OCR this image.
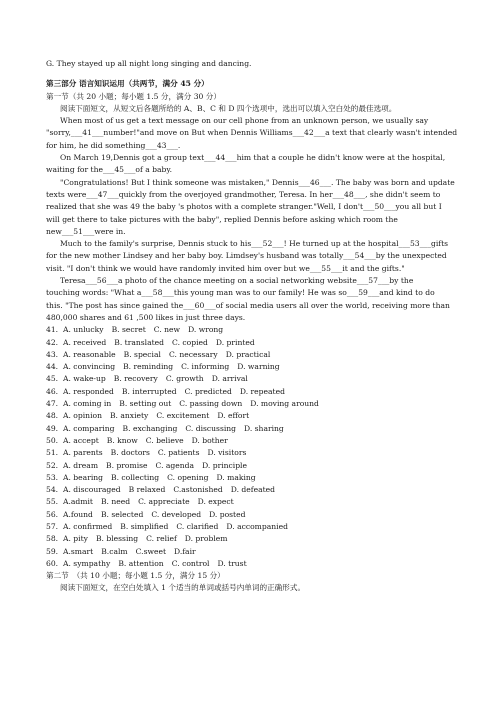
G. They stayed up all night long singing and dancing.
第三部分 语言知识运用（共两节，满分 45 分）
第一节（共 20 小题；每小题 1.5 分，满分 30 分）
阅读下面短文，从短文后各题所给的 A、B、C 和 D 四个选项中，选出可以填入空白处的最佳选项。
When most of us get a text message on our cell phone from an unknown person, we usually say
"sorry,___41___number!"and move on But when Dennis Williams___42___a text that clearly wasn't intended
for him, he did something___43___.
On March 19,Dennis got a group text___44___him that a couple he didn't know were at the hospital,
waiting for the___45___of a baby.
"Congratulations! But I think someone was mistaken," Dennis___46___. The baby was born and update
texts were___47___quickly from the overjoyed grandmother, Teresa. In her___48___, she didn't seem to
realized that she was 49 the baby 's photos with a complete stranger."Well, I don't___50___you all but I
will get there to take pictures with the baby", replied Dennis before asking which room the
new___51___were in.
Much to the family's surprise, Dennis stuck to his___52___! He turned up at the hospital___53___gifts
for the new mother Lindsey and her baby boy. Limdsey's husband was totally___54___by the unexpected
visit. "I don't think we would have randomly invited him over but we___55___it and the gifts."
Teresa___56___a photo of the chance meeting on a social networking website___57___by the
touching words: "What a___58___this young man was to our family! He was so___59___and kind to do
this. "The post has since gained the___60___of social media users all over the world, receiving more than
480,000 shares and 61 ,500 likes in just three days.
41. A. unlucky B. secret C. new D. wrong
42. A. received B. translated C. copied D. printed
43. A. reasonable B. special C. necessary D. practical
44. A. convincing B. reminding C. informing D. warning
45. A. wake-up B. recovery C. growth D. arrival
46. A. responded B. interrupted C. predicted D. repeated
47. A. coming in B. setting out C. passing down D. moving around
48. A. opinion B. anxiety C. excitement D. effort
49. A. comparing B. exchanging C. discussing D. sharing
50. A. accept B. know C. believe D. bother
51. A. parents B. doctors C. patients D. visitors
52. A. dream B. promise C. agenda D. principle
53. A. bearing B. collecting C. opening D. making
54. A. discouraged B relaxed C.astonished D. defeated
55. A.admit B. need C. appreciate D. expect
56. A.found B. selected C. developed D. posted
57. A. confirmed B. simplified C. clarified D. accompanied
58. A. pity B. blessing C. relief D. problem
59. A.smart B.calm C.sweet D.fair
60. A. sympathy B. attention C. control D. trust
第二节　（共 10 小题；每小题 1.5 分，满分 15 分）
阅读下面短文，在空白处填入 1 个适当的单词或括号内单词的正确形式。
